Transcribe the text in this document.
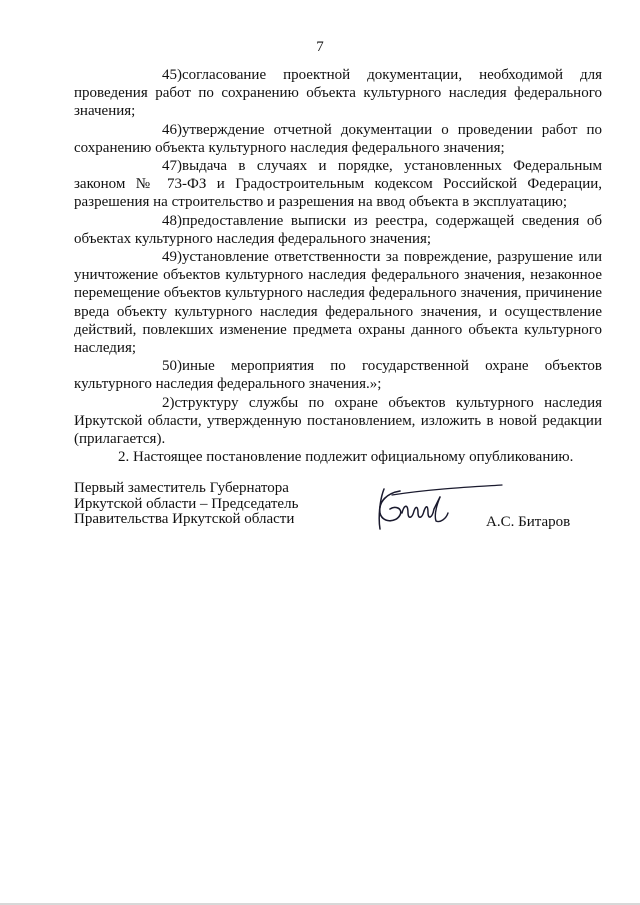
7

45)согласование проектной документации, необходимой для проведения работ по сохранению объекта культурного наследия федерального значения;

46)утверждение отчетной документации о проведении работ по сохранению объекта культурного наследия федерального значения;

47)выдача в случаях и порядке, установленных Федеральным законом № 73-ФЗ и Градостроительным кодексом Российской Федерации, разрешения на строительство и разрешения на ввод объекта в эксплуатацию;

48)предоставление выписки из реестра, содержащей сведения об объектах культурного наследия федерального значения;

49)установление ответственности за повреждение, разрушение или уничтожение объектов культурного наследия федерального значения, незаконное перемещение объектов культурного наследия федерального значения, причинение вреда объекту культурного наследия федерального значения, и осуществление действий, повлекших изменение предмета охраны данного объекта культурного наследия;

50)иные мероприятия по государственной охране объектов культурного наследия федерального значения.»;

2)структуру службы по охране объектов культурного наследия Иркутской области, утвержденную постановлением, изложить в новой редакции (прилагается).

2. Настоящее постановление подлежит официальному опубликованию.

Первый заместитель Губернатора
Иркутской области – Председатель
Правительства Иркутской области	А.С. Битаров
